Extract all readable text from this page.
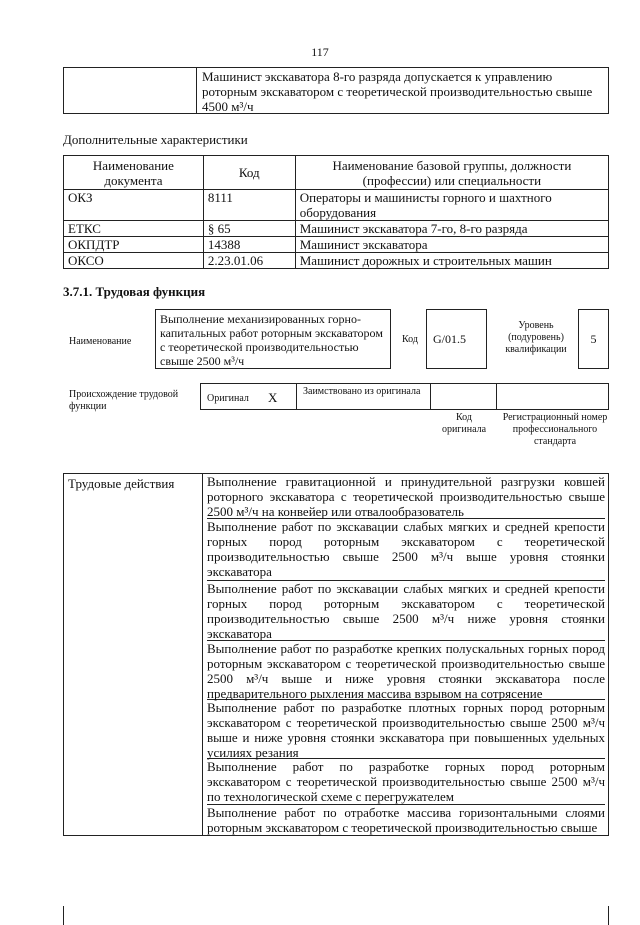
117
Машинист экскаватора 8-го разряда допускается к управлению роторным экскаватором с теоретической производительностью свыше 4500 м³/ч
Дополнительные характеристики
Наименование документа	Код	Наименование базовой группы, должности (профессии) или специальности
ОКЗ	8111	Операторы и машинисты горного и шахтного оборудования
ЕТКС	§ 65	Машинист экскаватора 7-го, 8-го разряда
ОКПДТР	14388	Машинист экскаватора
ОКСО	2.23.01.06	Машинист дорожных и строительных машин
3.7.1. Трудовая функция
Наименование
Выполнение механизированных горно-капитальных работ роторным экскаватором с теоретической производительностью свыше 2500 м³/ч
Код	G/01.5
Уровень (подуровень) квалификации
5
Происхождение трудовой функции
Оригинал X	Заимствовано из оригинала
Код оригинала
Регистрационный номер профессионального стандарта
Трудовые действия	Выполнение гравитационной и принудительной разгрузки ковшей роторного экскаватора с теоретической производительностью свыше 2500 м³/ч на конвейер или отвалообразователь
Выполнение работ по экскавации слабых мягких и средней крепости горных пород роторным экскаватором с теоретической производительностью свыше 2500 м³/ч выше уровня стоянки экскаватора
Выполнение работ по экскавации слабых мягких и средней крепости горных пород роторным экскаватором с теоретической производительностью свыше 2500 м³/ч ниже уровня стоянки экскаватора
Выполнение работ по разработке крепких полускальных горных пород роторным экскаватором с теоретической производительностью свыше 2500 м³/ч выше и ниже уровня стоянки экскаватора после предварительного рыхления массива взрывом на сотрясение
Выполнение работ по разработке плотных горных пород роторным экскаватором с теоретической производительностью свыше 2500 м³/ч выше и ниже уровня стоянки экскаватора при повышенных удельных усилиях резания
Выполнение работ по разработке горных пород роторным экскаватором с теоретической производительностью свыше 2500 м³/ч по технологической схеме с перегружателем
Выполнение работ по отработке массива горизонтальными слоями роторным экскаватором с теоретической производительностью свыше
